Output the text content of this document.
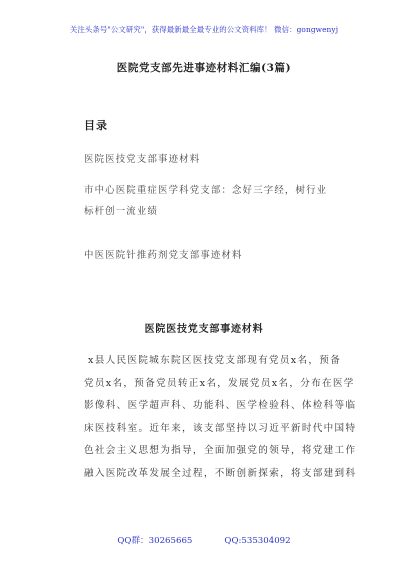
关注头条号"公文研究"，获得最新最全最专业的公文资料库！ 微信：gongwenyj
医院党支部先进事迹材料汇编(3篇)
目录
医院医技党支部事迹材料
市中心医院重症医学科党支部：念好三字经，树行业
标杆创一流业绩
中医医院针推药剂党支部事迹材料
医院医技党支部事迹材料
x县人民医院城东院区医技党支部现有党员x名，预备
党员x名，预备党员转正x名，发展党员x名，分布在医学
影像科、医学超声科、功能科、医学检验科、体检科等临
床医技科室。近年来，该支部坚持以习近平新时代中国特
色社会主义思想为指导，全面加强党的领导，将党建工作
融入医院改革发展全过程，不断创新探索，将支部建到科
QQ群：30265665	QQ:535304092
